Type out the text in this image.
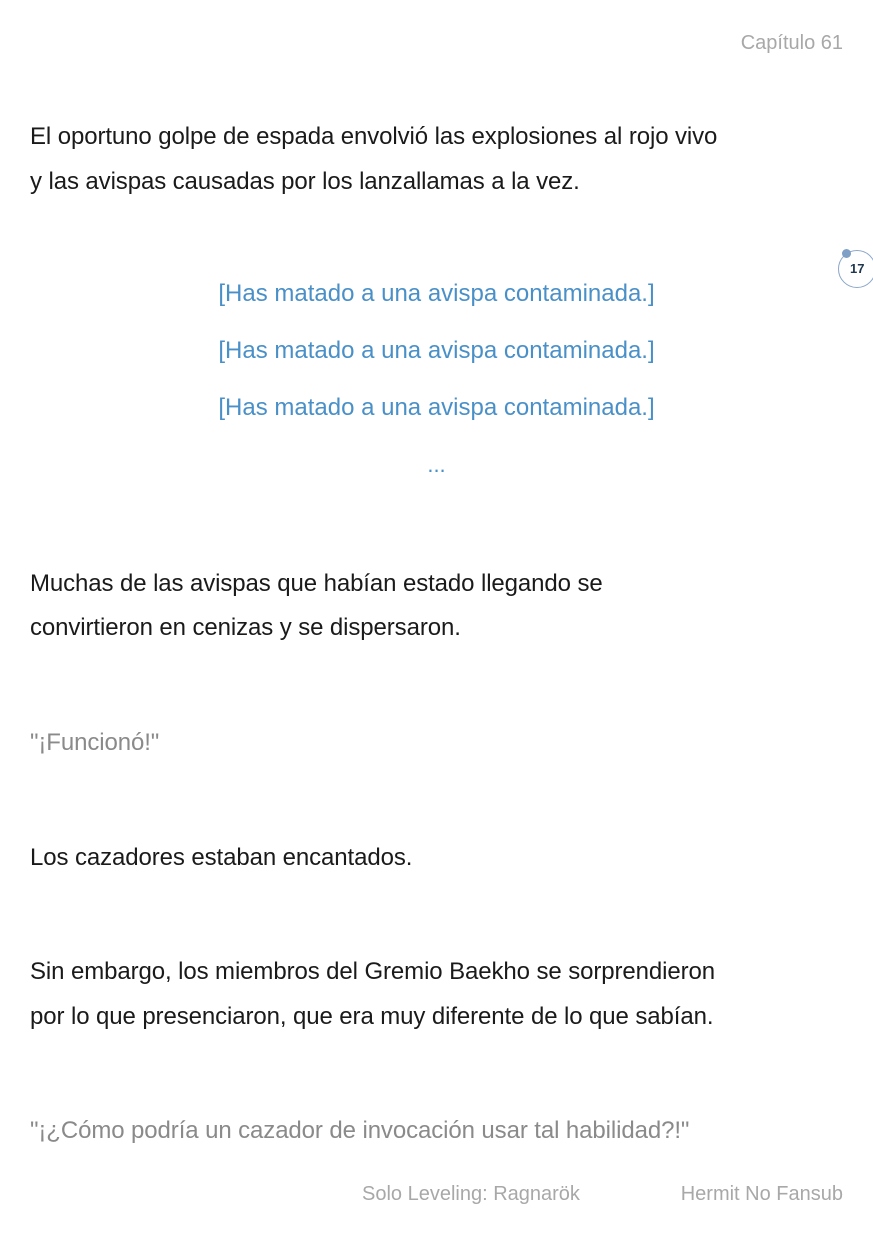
Capítulo 61
El oportuno golpe de espada envolvió las explosiones al rojo vivo
y las avispas causadas por los lanzallamas a la vez.
17
[Has matado a una avispa contaminada.]
[Has matado a una avispa contaminada.]
[Has matado a una avispa contaminada.]
...
Muchas de las avispas que habían estado llegando se
convirtieron en cenizas y se dispersaron.
"¡Funcionó!"
Los cazadores estaban encantados.
Sin embargo, los miembros del Gremio Baekho se sorprendieron
por lo que presenciaron, que era muy diferente de lo que sabían.
"¡¿Cómo podría un cazador de invocación usar tal habilidad?!"
Solo Leveling: Ragnarök	Hermit No Fansub
